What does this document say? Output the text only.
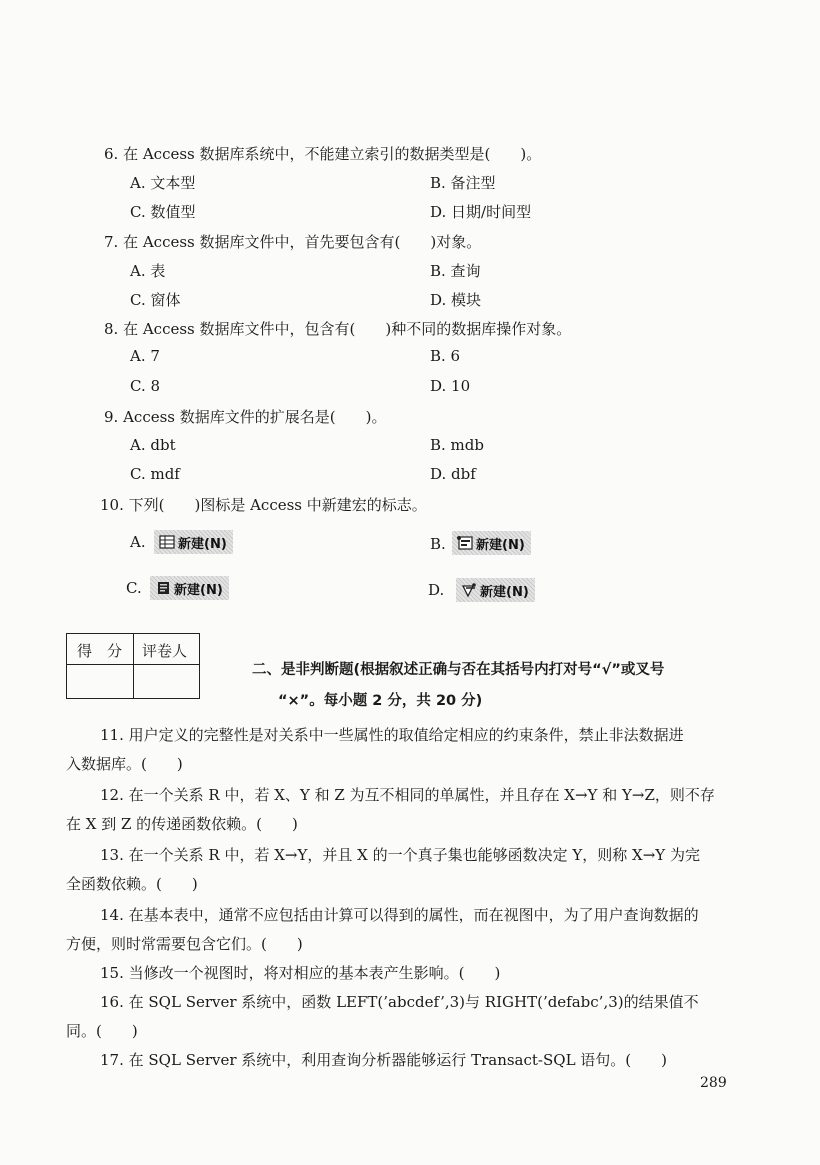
6. 在 Access 数据库系统中，不能建立索引的数据类型是(　　)。
A. 文本型	B. 备注型
C. 数值型	D. 日期/时间型
7. 在 Access 数据库文件中，首先要包含有(　　)对象。
A. 表	B. 查询
C. 窗体	D. 模块
8. 在 Access 数据库文件中，包含有(　　)种不同的数据库操作对象。
A. 7	B. 6
C. 8	D. 10
9. Access 数据库文件的扩展名是(　　)。
A. dbt	B. mdb
C. mdf	D. dbf
10. 下列(　　)图标是 Access 中新建宏的标志。
A. 新建(N)	B. 新建(N)
C. 新建(N)	D.	新建(N)
得　分 评卷人
二、是非判断题(根据叙述正确与否在其括号内打对号“√”或叉号
“×”。每小题 2 分，共 20 分)
11. 用户定义的完整性是对关系中一些属性的取值给定相应的约束条件，禁止非法数据进
入数据库。(　　)
12. 在一个关系 R 中，若 X、Y 和 Z 为互不相同的单属性，并且存在 X→Y 和 Y→Z，则不存
在 X 到 Z 的传递函数依赖。(　　)
13. 在一个关系 R 中，若 X→Y，并且 X 的一个真子集也能够函数决定 Y，则称 X→Y 为完
全函数依赖。(　　)
14. 在基本表中，通常不应包括由计算可以得到的属性，而在视图中，为了用户查询数据的
方便，则时常需要包含它们。(　　)
15. 当修改一个视图时，将对相应的基本表产生影响。(　　)
16. 在 SQL Server 系统中，函数 LEFT(’abcdef’,3)与 RIGHT(’defabc’,3)的结果值不
同。(　　)
17. 在 SQL Server 系统中，利用查询分析器能够运行 Transact-SQL 语句。(　　)
289
